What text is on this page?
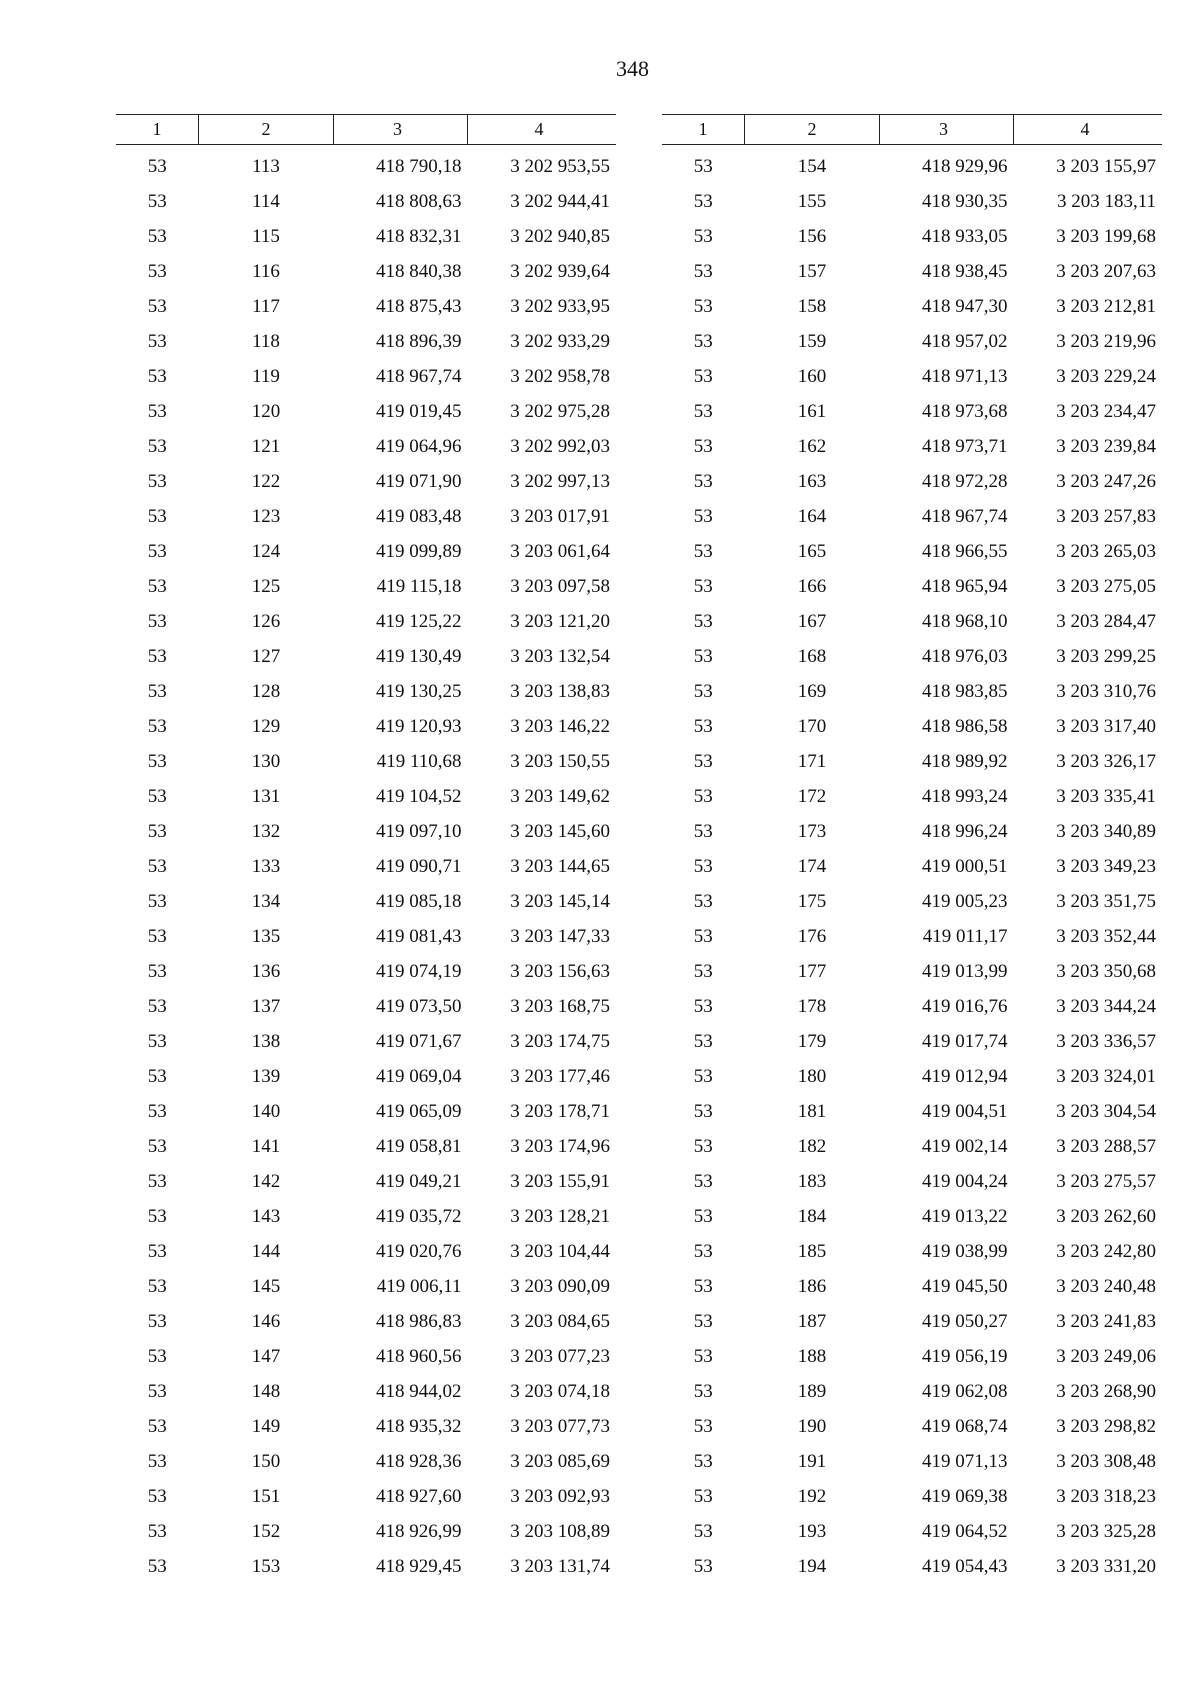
348
1	2	3	4
53	113	418 790,18	3 202 953,55
53	114	418 808,63	3 202 944,41
53	115	418 832,31	3 202 940,85
53	116	418 840,38	3 202 939,64
53	117	418 875,43	3 202 933,95
53	118	418 896,39	3 202 933,29
53	119	418 967,74	3 202 958,78
53	120	419 019,45	3 202 975,28
53	121	419 064,96	3 202 992,03
53	122	419 071,90	3 202 997,13
53	123	419 083,48	3 203 017,91
53	124	419 099,89	3 203 061,64
53	125	419 115,18	3 203 097,58
53	126	419 125,22	3 203 121,20
53	127	419 130,49	3 203 132,54
53	128	419 130,25	3 203 138,83
53	129	419 120,93	3 203 146,22
53	130	419 110,68	3 203 150,55
53	131	419 104,52	3 203 149,62
53	132	419 097,10	3 203 145,60
53	133	419 090,71	3 203 144,65
53	134	419 085,18	3 203 145,14
53	135	419 081,43	3 203 147,33
53	136	419 074,19	3 203 156,63
53	137	419 073,50	3 203 168,75
53	138	419 071,67	3 203 174,75
53	139	419 069,04	3 203 177,46
53	140	419 065,09	3 203 178,71
53	141	419 058,81	3 203 174,96
53	142	419 049,21	3 203 155,91
53	143	419 035,72	3 203 128,21
53	144	419 020,76	3 203 104,44
53	145	419 006,11	3 203 090,09
53	146	418 986,83	3 203 084,65
53	147	418 960,56	3 203 077,23
53	148	418 944,02	3 203 074,18
53	149	418 935,32	3 203 077,73
53	150	418 928,36	3 203 085,69
53	151	418 927,60	3 203 092,93
53	152	418 926,99	3 203 108,89
53	153	418 929,45	3 203 131,74
1	2	3	4
53	154	418 929,96	3 203 155,97
53	155	418 930,35	3 203 183,11
53	156	418 933,05	3 203 199,68
53	157	418 938,45	3 203 207,63
53	158	418 947,30	3 203 212,81
53	159	418 957,02	3 203 219,96
53	160	418 971,13	3 203 229,24
53	161	418 973,68	3 203 234,47
53	162	418 973,71	3 203 239,84
53	163	418 972,28	3 203 247,26
53	164	418 967,74	3 203 257,83
53	165	418 966,55	3 203 265,03
53	166	418 965,94	3 203 275,05
53	167	418 968,10	3 203 284,47
53	168	418 976,03	3 203 299,25
53	169	418 983,85	3 203 310,76
53	170	418 986,58	3 203 317,40
53	171	418 989,92	3 203 326,17
53	172	418 993,24	3 203 335,41
53	173	418 996,24	3 203 340,89
53	174	419 000,51	3 203 349,23
53	175	419 005,23	3 203 351,75
53	176	419 011,17	3 203 352,44
53	177	419 013,99	3 203 350,68
53	178	419 016,76	3 203 344,24
53	179	419 017,74	3 203 336,57
53	180	419 012,94	3 203 324,01
53	181	419 004,51	3 203 304,54
53	182	419 002,14	3 203 288,57
53	183	419 004,24	3 203 275,57
53	184	419 013,22	3 203 262,60
53	185	419 038,99	3 203 242,80
53	186	419 045,50	3 203 240,48
53	187	419 050,27	3 203 241,83
53	188	419 056,19	3 203 249,06
53	189	419 062,08	3 203 268,90
53	190	419 068,74	3 203 298,82
53	191	419 071,13	3 203 308,48
53	192	419 069,38	3 203 318,23
53	193	419 064,52	3 203 325,28
53	194	419 054,43	3 203 331,20
